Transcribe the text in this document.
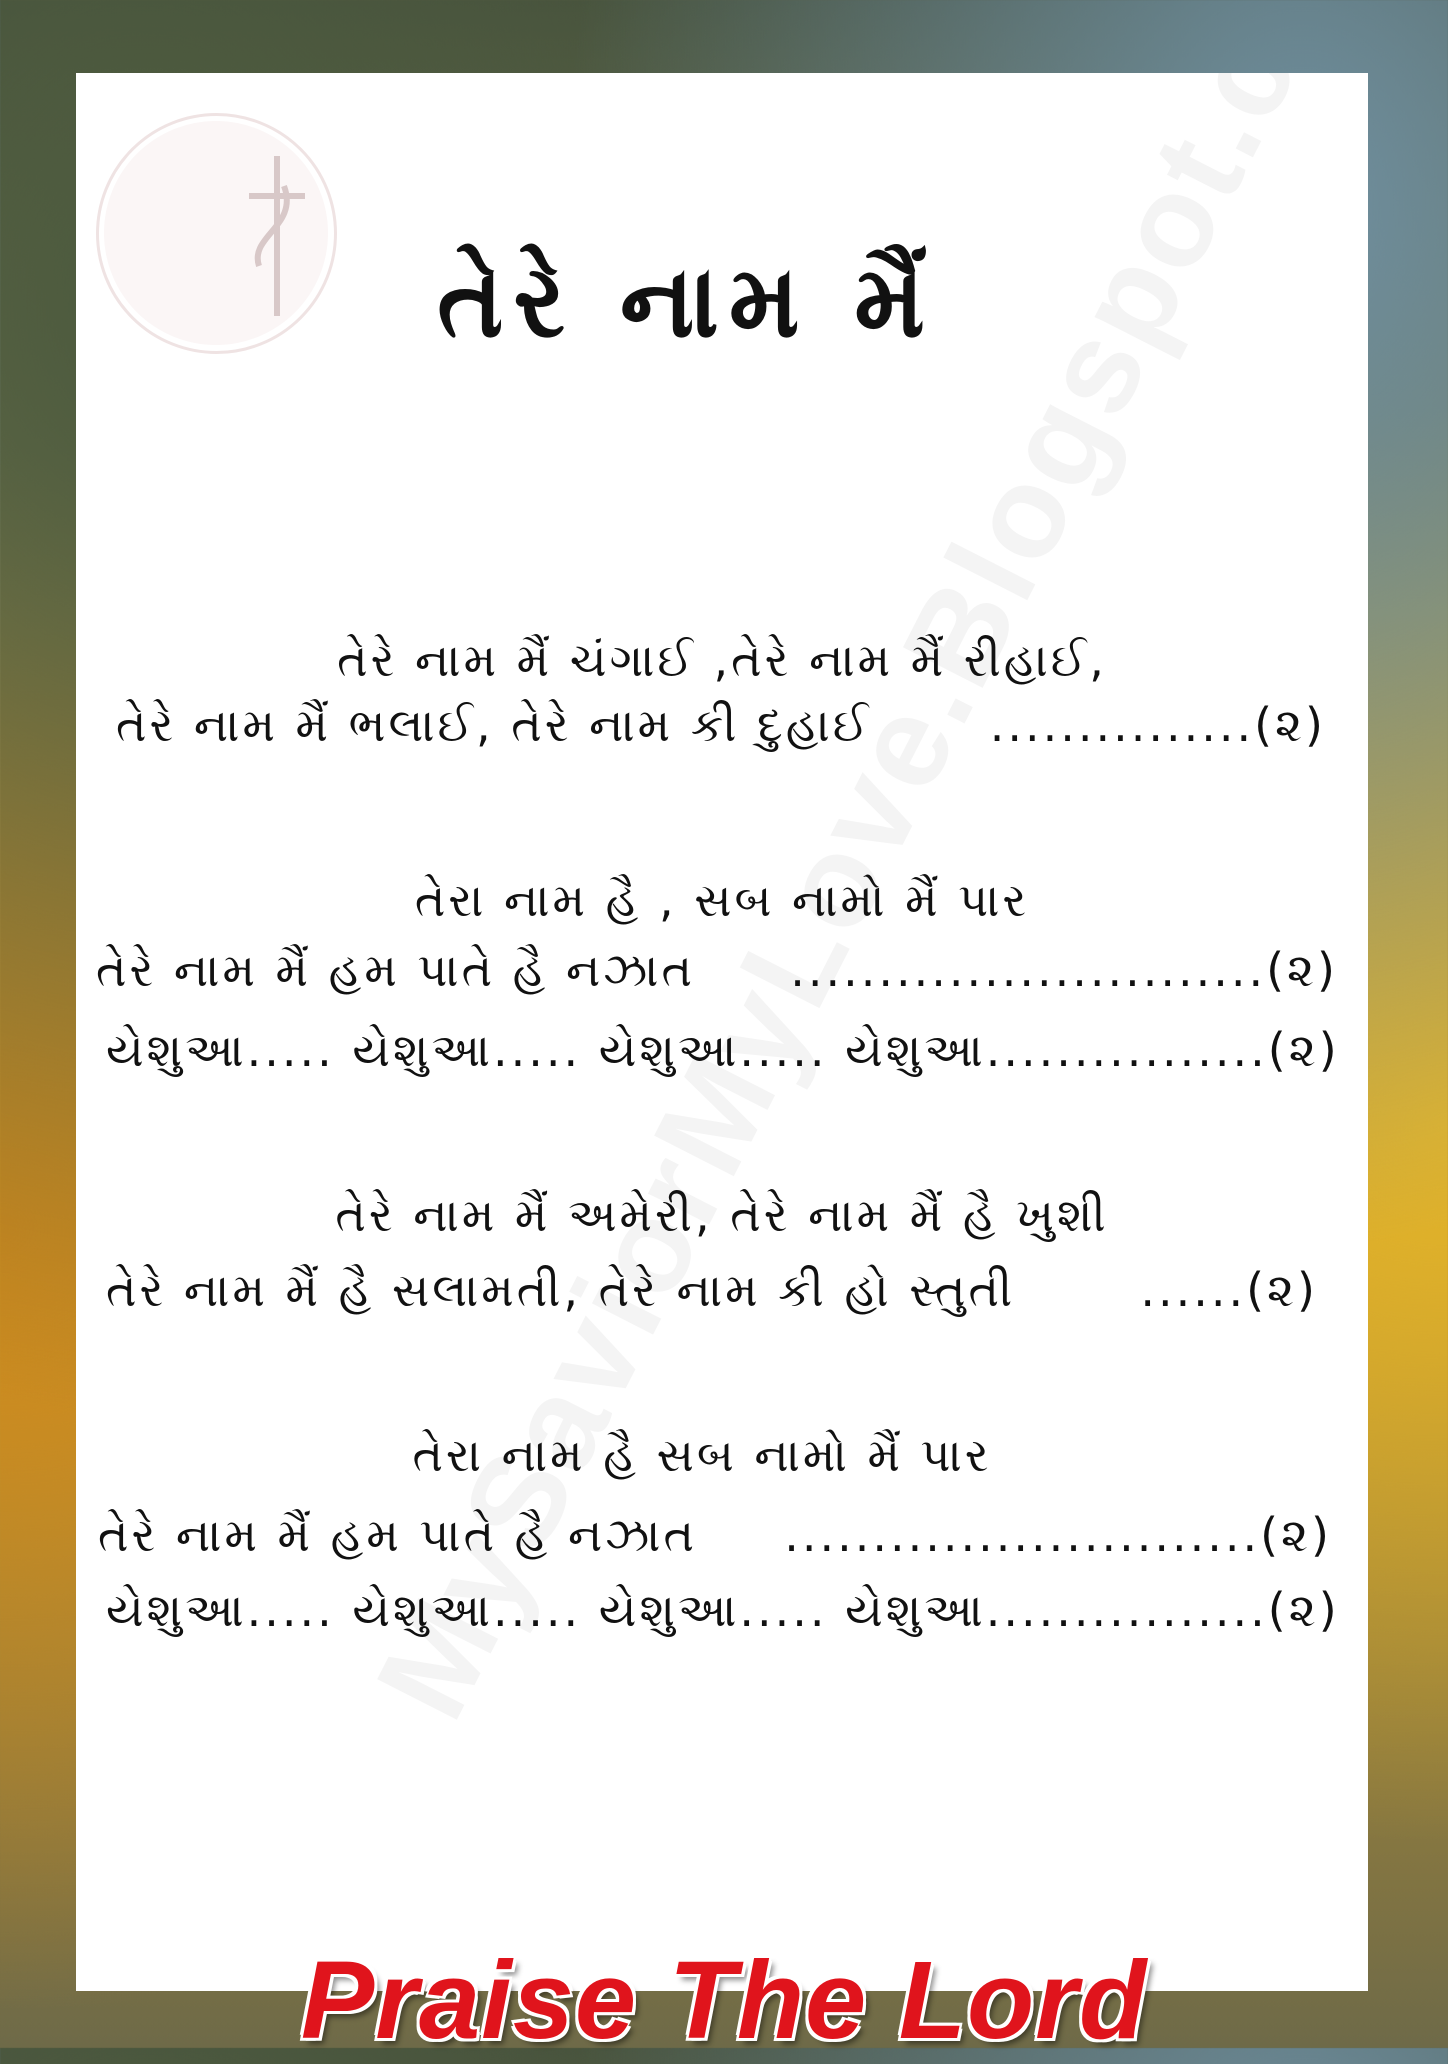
તેરે નામ મૈં
તેરે નામ મૈં ચંગાઈ ,તેરે નામ મૈં રીહાઈ,
તેરે નામ મૈં ભલાઈ, તેરે નામ કી દુહાઈ	...............(૨)
તેરા નામ હૈ , સબ નામો મૈં પાર
તેરે નામ મૈં હમ પાતે હૈ નઝાત ...........................(૨)
યેશુઆ..... યેશુઆ..... યેશુઆ..... યેશુઆ................(૨)
તેરે નામ મૈં અમેરી, તેરે નામ મૈં હૈ ખુશી
તેરે નામ મૈં હૈ સલામતી, તેરે નામ કી હો સ્તુતી	......(૨)
તેરા નામ હૈ સબ નામો મૈં પાર
તેરે નામ મૈં હમ પાતે હૈ નઝાત ...........................(૨)
યેશુઆ..... યેશુઆ..... યેશુઆ..... યેશુઆ................(૨)
Praise The Lord
